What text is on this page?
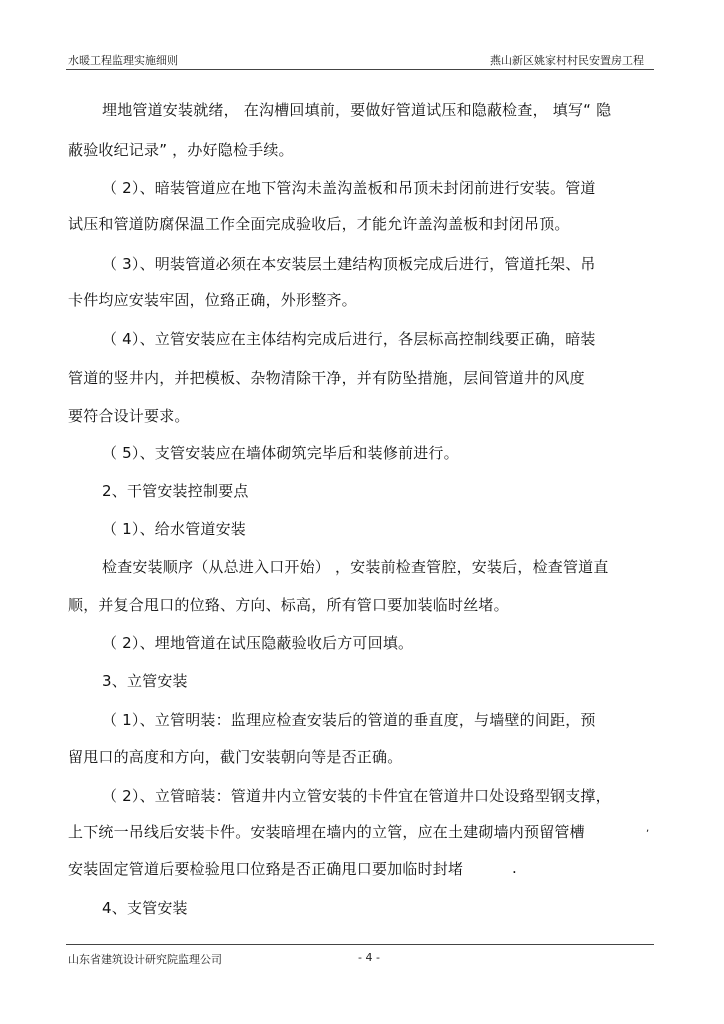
水暖工程监理实施细则	燕山新区姚家村村民安置房工程
埋地管道安装就绪， 在沟槽回填前，要做好管道试压和隐蔽检查， 填写“ 隐
蔽验收纪记录” ，办好隐检手续。
（ 2）、暗装管道应在地下管沟未盖沟盖板和吊顶未封闭前进行安装。管道
试压和管道防腐保温工作全面完成验收后，才能允许盖沟盖板和封闭吊顶。
（ 3）、明装管道必须在本安装层土建结构顶板完成后进行，管道托架、吊
卡件均应安装牢固，位臵正确，外形整齐。
（ 4）、立管安装应在主体结构完成后进行，各层标高控制线要正确，暗装
管道的竖井内，并把模板、杂物清除干净，并有防坠措施，层间管道井的风度
要符合设计要求。
（ 5）、支管安装应在墙体砌筑完毕后和装修前进行。
2、干管安装控制要点
（ 1）、给水管道安装
检查安装顺序（从总进入口开始） ，安装前检查管腔，安装后，检查管道直
顺，并复合甩口的位臵、方向、标高，所有管口要加装临时丝堵。
（ 2）、埋地管道在试压隐蔽验收后方可回填。
3、立管安装
（ 1）、立管明装：监理应检查安装后的管道的垂直度，与墙壁的间距，预
留甩口的高度和方向，截门安装朝向等是否正确。
（ 2）、立管暗装：管道井内立管安装的卡件宜在管道井口处设臵型钢支撑，
上下统一吊线后安装卡件。安装暗埋在墙内的立管，应在土建砌墙内预留管槽	,
安装固定管道后要检验甩口位臵是否正确甩口要加临时封堵	.
4、支管安装
山东省建筑设计研究院监理公司	- 4 -
